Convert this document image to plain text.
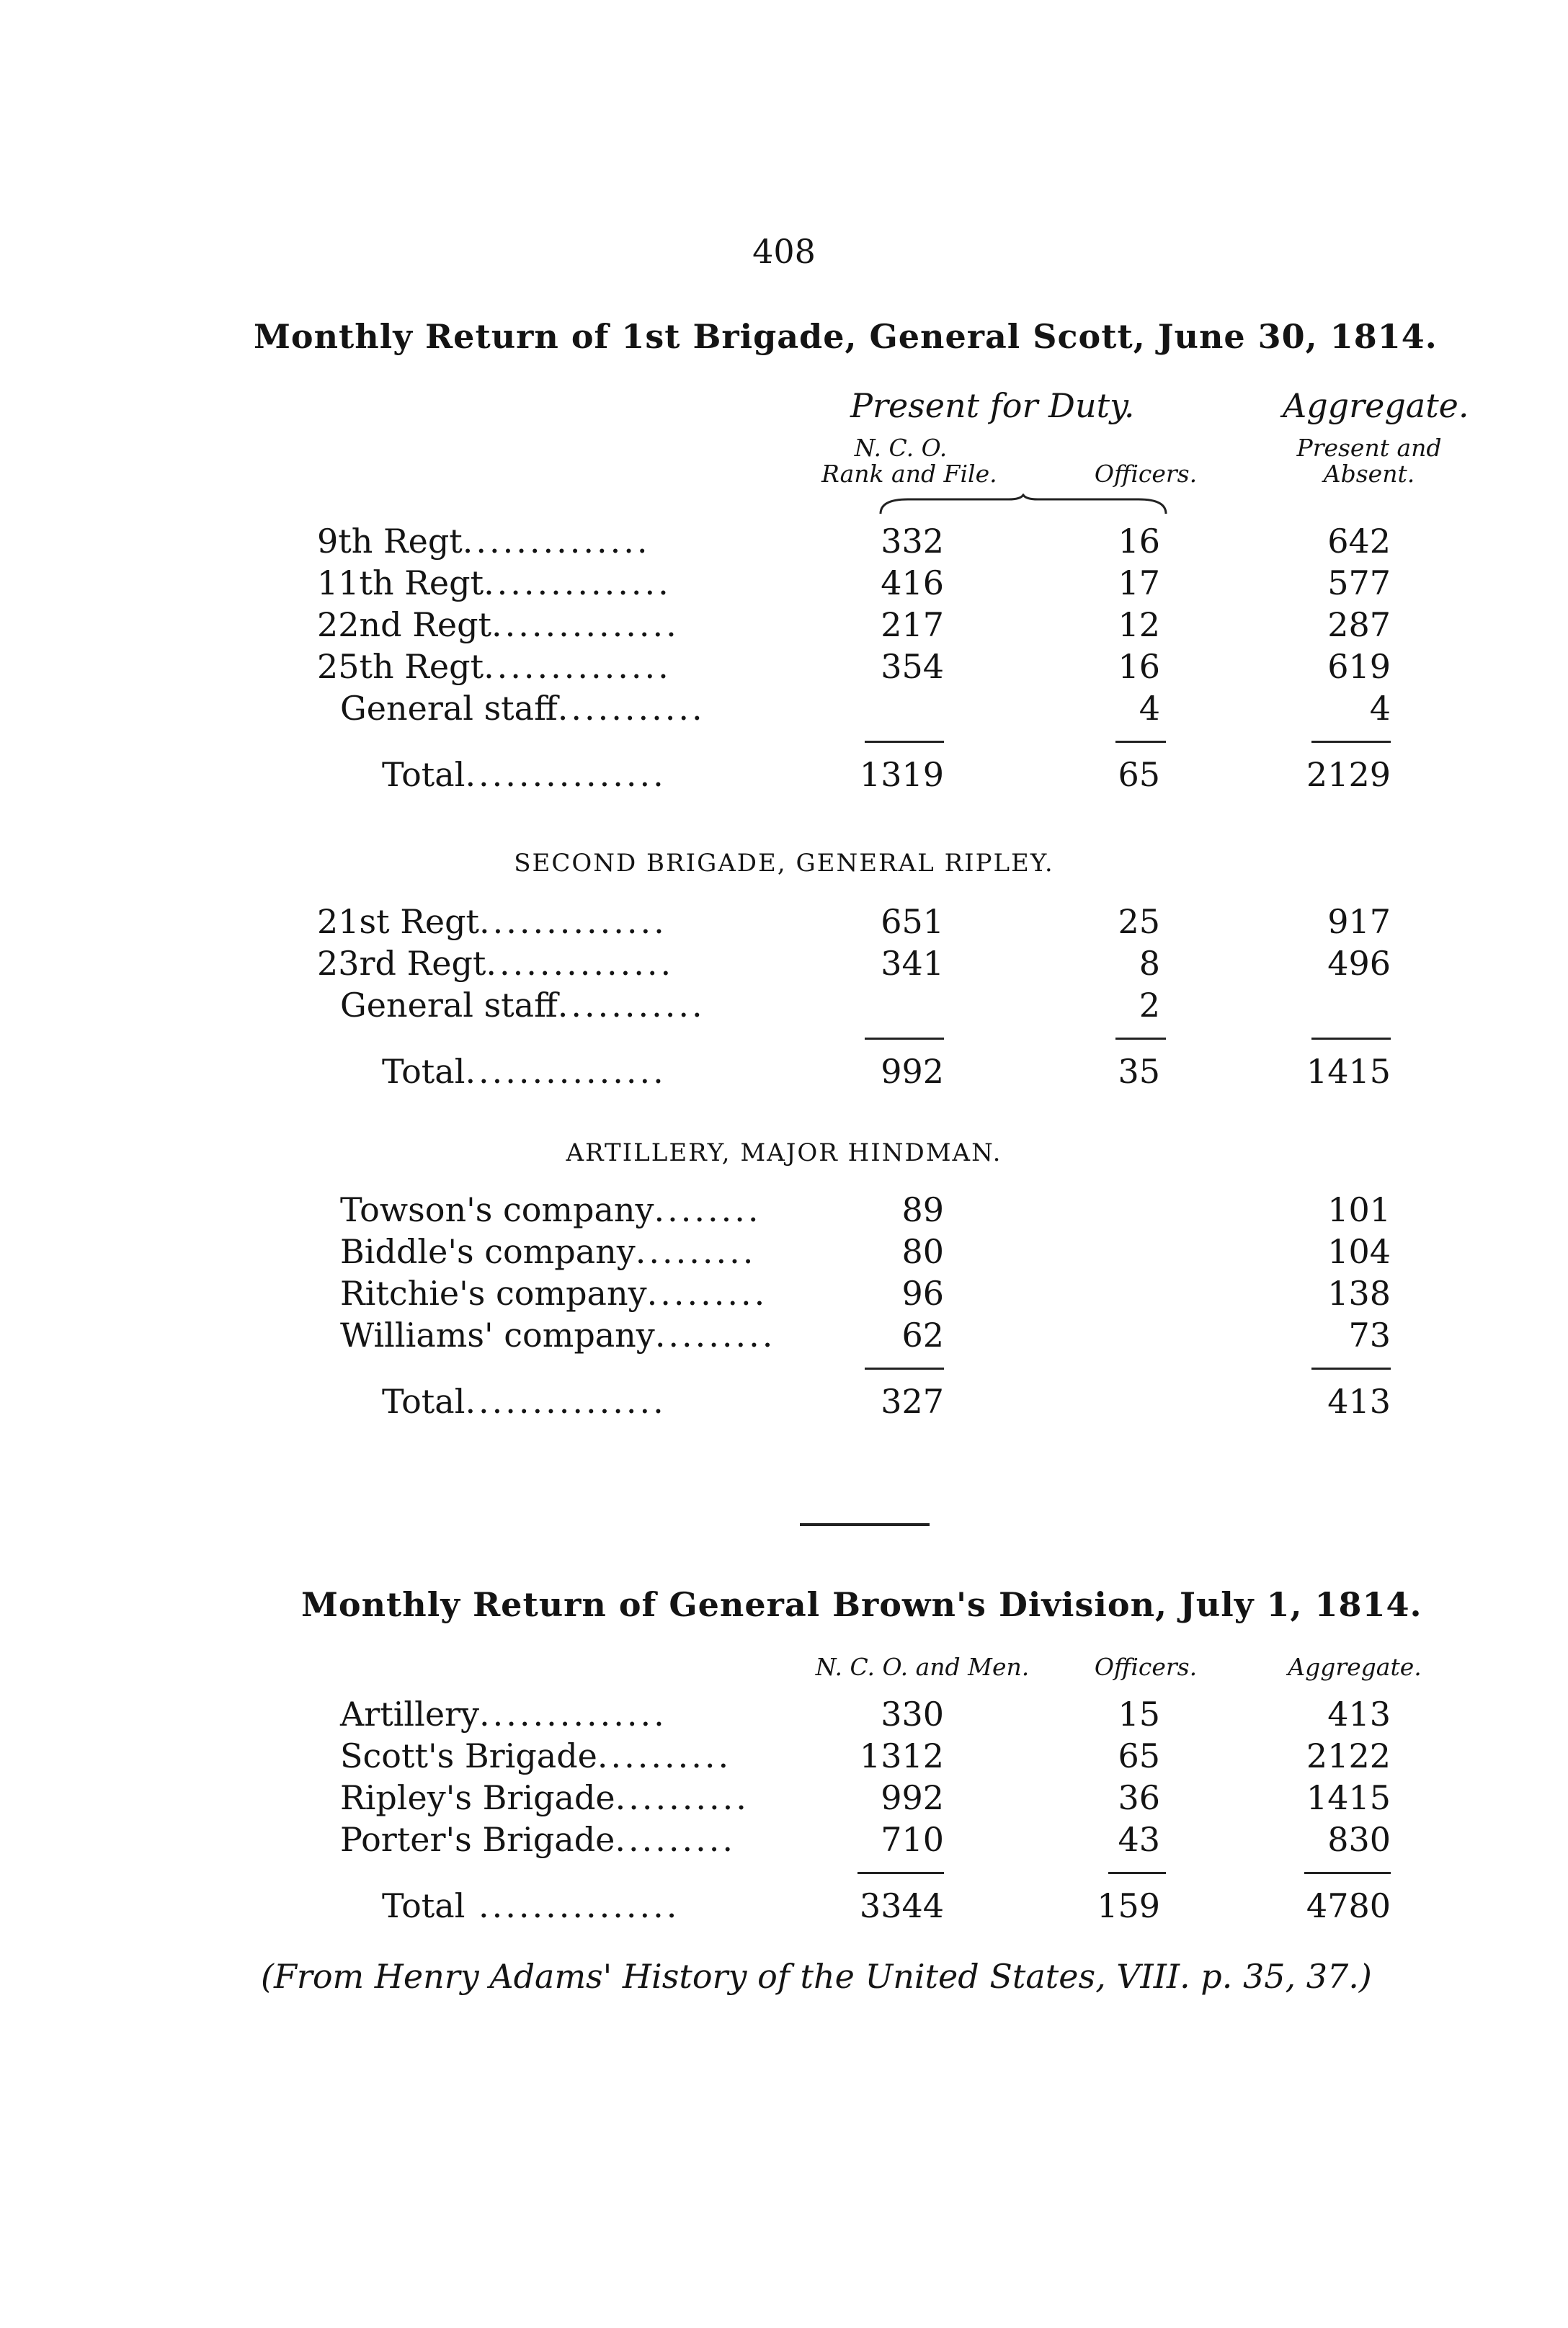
408
Monthly Return of 1st Brigade, General Scott, June 30, 1814.
Present for Duty.	Aggregate.
N. C. O.
Rank and File.	Officers.
Present and
Absent.
9th Regt..............	332	16	642
11th Regt..............	416	17	577
22nd Regt..............	217	12	287
25th Regt..............	354	16	619
General staff...........		4	4

Total...............	1319	65	2129
SECOND BRIGADE, GENERAL RIPLEY.
21st Regt..............	651	25	917
23rd Regt..............	341	8	496
General staff...........		2	

Total...............	992	35	1415
ARTILLERY, MAJOR HINDMAN.
Towson's company........	89		101
Biddle's company.........	80		104
Ritchie's company.........	96		138
Williams' company.........	62		73

Total...............	327		413
Monthly Return of General Brown's Division, July 1, 1814.
N. C. O. and Men.	Officers.	Aggregate.
Artillery..............	330	15	413
Scott's Brigade..........	1312	65	2122
Ripley's Brigade..........	992	36	1415
Porter's Brigade.........	710	43	830

Total ...............	3344	159	4780
(From Henry Adams' History of the United States, VIII. p. 35, 37.)
